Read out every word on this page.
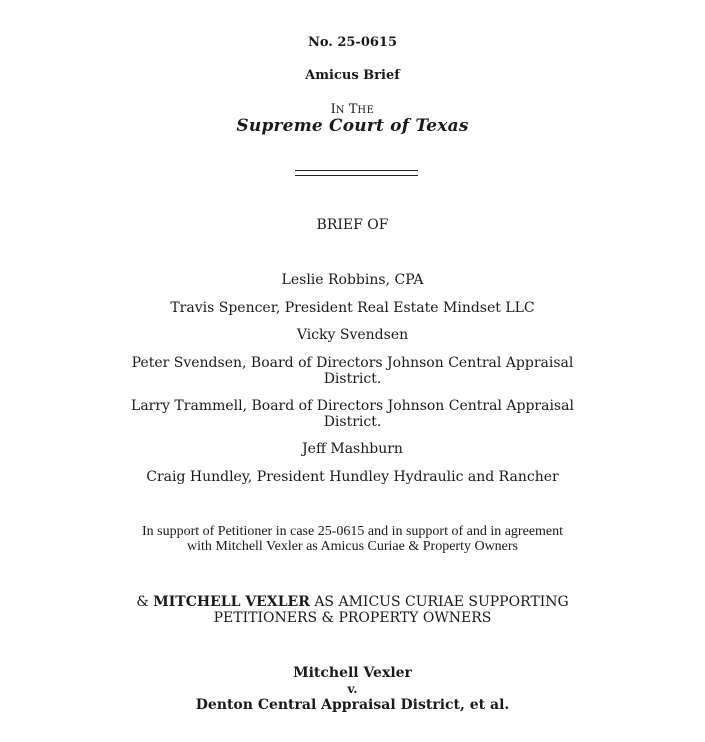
No. 25-0615
Amicus Brief
IN THE
Supreme Court of Texas
BRIEF OF
Leslie Robbins, CPA
Travis Spencer, President Real Estate Mindset LLC
Vicky Svendsen
Peter Svendsen, Board of Directors Johnson Central Appraisal
District.
Larry Trammell, Board of Directors Johnson Central Appraisal
District.
Jeff Mashburn
Craig Hundley, President Hundley Hydraulic and Rancher
In support of Petitioner in case 25-0615 and in support of and in agreement
with Mitchell Vexler as Amicus Curiae & Property Owners
& MITCHELL VEXLER AS AMICUS CURIAE SUPPORTING
PETITIONERS & PROPERTY OWNERS
Mitchell Vexler
v.
Denton Central Appraisal District, et al.
